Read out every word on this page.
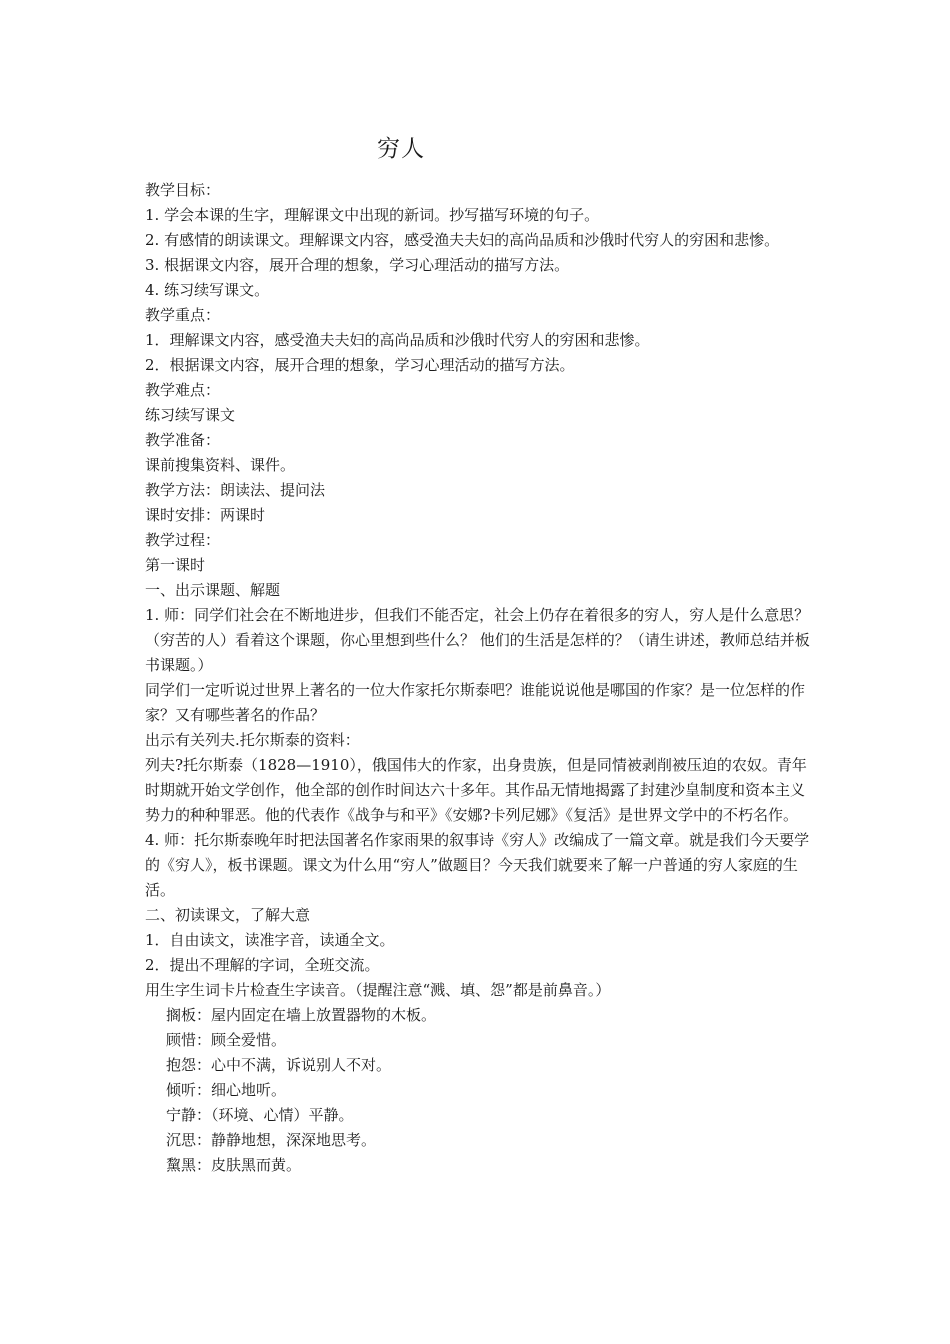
穷人

教学目标：

1. 学会本课的生字，理解课文中出现的新词。抄写描写环境的句子。

2. 有感情的朗读课文。理解课文内容，感受渔夫夫妇的高尚品质和沙俄时代穷人的穷困和悲惨。

3. 根据课文内容，展开合理的想象，学习心理活动的描写方法。

4. 练习续写课文。

教学重点：

1．理解课文内容，感受渔夫夫妇的高尚品质和沙俄时代穷人的穷困和悲惨。

2．根据课文内容，展开合理的想象，学习心理活动的描写方法。

教学难点：

练习续写课文

教学准备：

课前搜集资料、课件。

教学方法：朗读法、提问法

课时安排：两课时

教学过程：

第一课时

一、出示课题、解题

1. 师：同学们社会在不断地进步，但我们不能否定，社会上仍存在着很多的穷人，穷人是什么意思？（穷苦的人）看着这个课题，你心里想到些什么？ 他们的生活是怎样的？（请生讲述，教师总结并板书课题。）

同学们一定听说过世界上著名的一位大作家托尔斯泰吧？谁能说说他是哪国的作家？是一位怎样的作家？又有哪些著名的作品？

出示有关列夫.托尔斯泰的资料：

列夫?托尔斯泰（1828—1910），俄国伟大的作家，出身贵族，但是同情被剥削被压迫的农奴。青年时期就开始文学创作，他全部的创作时间达六十多年。其作品无情地揭露了封建沙皇制度和资本主义势力的种种罪恶。他的代表作《战争与和平》《安娜?卡列尼娜》《复活》是世界文学中的不朽名作。

4. 师：托尔斯泰晚年时把法国著名作家雨果的叙事诗《穷人》改编成了一篇文章。就是我们今天要学的《穷人》，板书课题。课文为什么用“穷人”做题目？今天我们就要来了解一户普通的穷人家庭的生活。

二、初读课文，了解大意

1．自由读文，读准字音，读通全文。

2．提出不理解的字词，全班交流。

用生字生词卡片检查生字读音。（提醒注意“溅、填、怨”都是前鼻音。）

搁板：屋内固定在墙上放置器物的木板。

顾惜：顾全爱惜。

抱怨：心中不满，诉说别人不对。

倾听：细心地听。

宁静：（环境、心情）平静。

沉思：静静地想，深深地思考。

黧黑：皮肤黑而黄。
